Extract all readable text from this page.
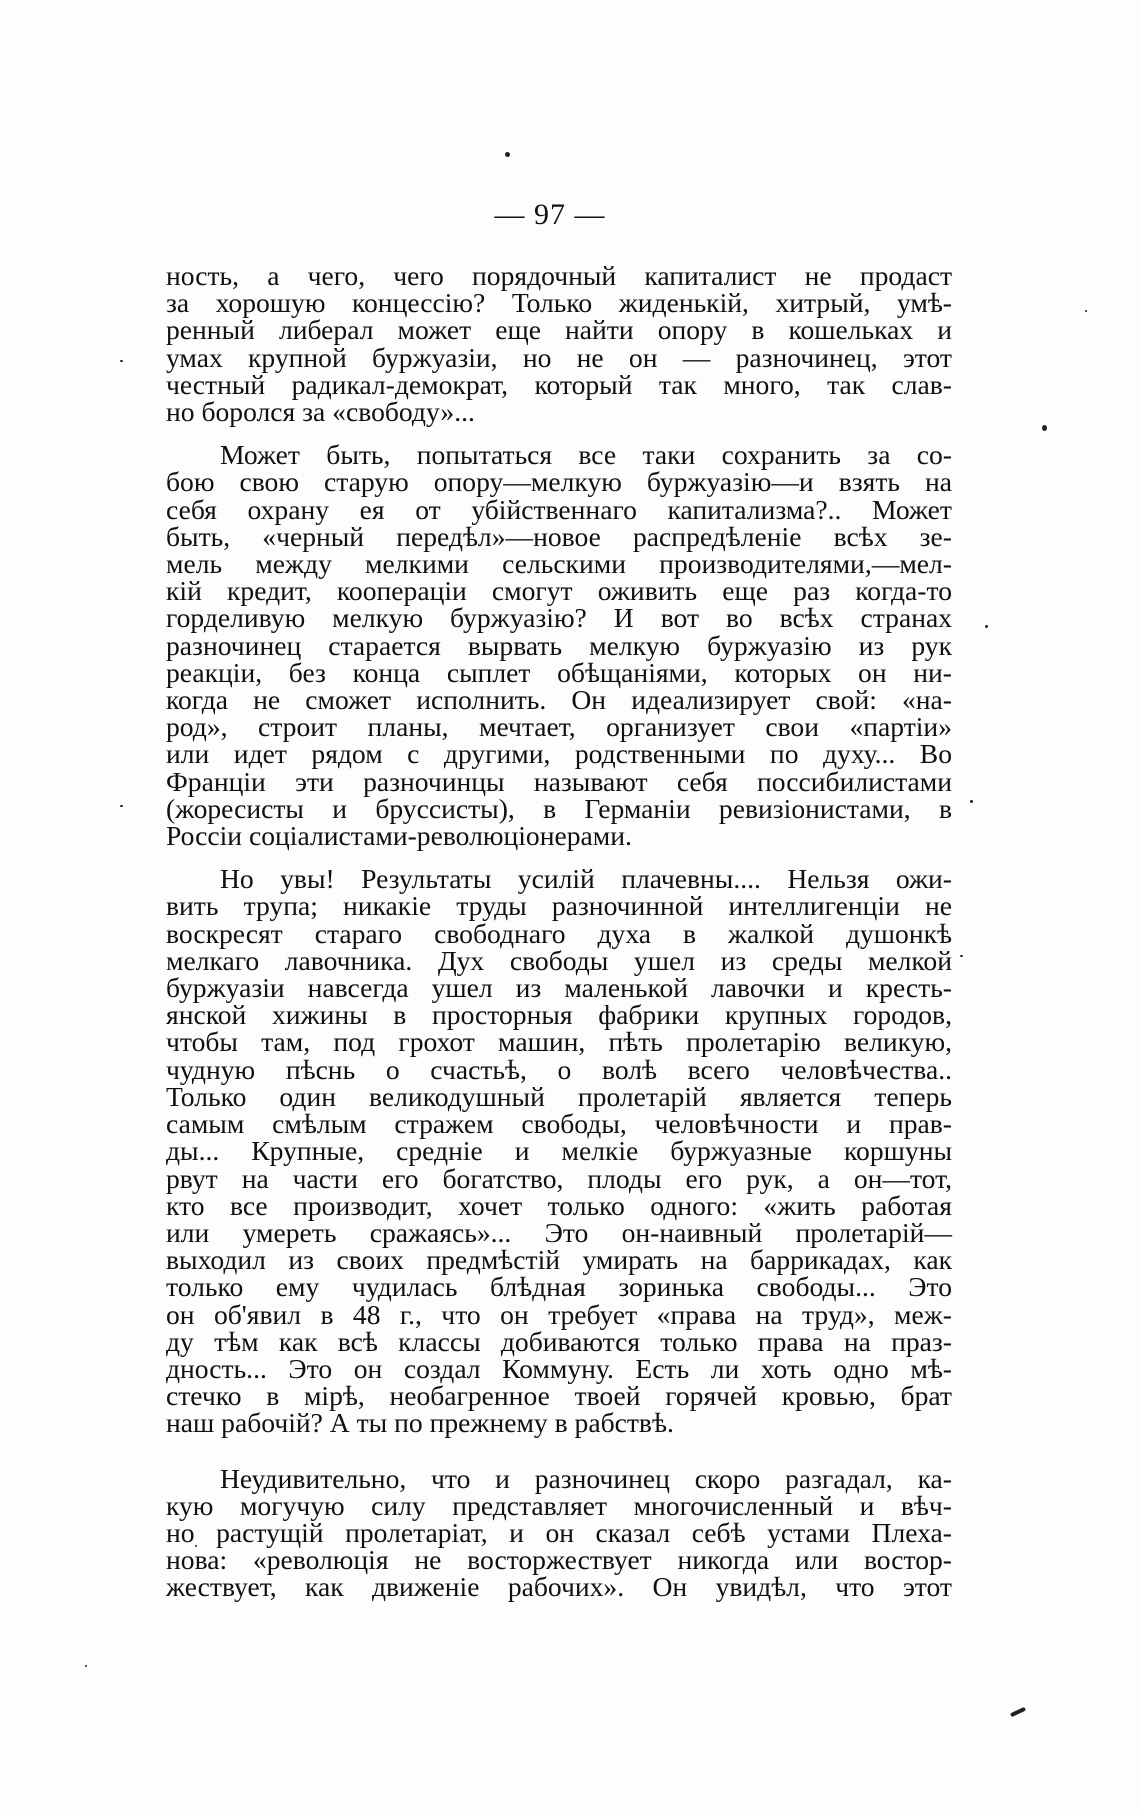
— 97 —
ность, а чего, чего порядочный капиталист не продаст
за хорошую концессію? Только жиденькій, хитрый, умѣ-
ренный либерал может еще найти опору в кошельках и
умах крупной буржуазіи, но не он — разночинец, этот
честный радикал-демократ, который так много, так слав-
но боролся за «свободу»...
Может быть, попытаться все таки сохранить за со-
бою свою старую опору—мелкую буржуазію—и взять на
себя охрану ея от убійственнаго капитализма?.. Может
быть, «черный передѣл»—новое распредѣленіе всѣх зе-
мель между мелкими сельскими производителями,—мел-
кій кредит, коопераціи смогут оживить еще раз когда-то
горделивую мелкую буржуазію? И вот во всѣх странах
разночинец старается вырвать мелкую буржуазію из рук
реакціи, без конца сыплет обѣщаніями, которых он ни-
когда не сможет исполнить. Он идеализирует свой: «на-
род», строит планы, мечтает, организует свои «партіи»
или идет рядом с другими, родственными по духу... Во
Франціи эти разночинцы называют себя поссибилистами
(жоресисты и бруссисты), в Германіи ревизіонистами, в
Россіи соціалистами-революціонерами.
Но увы! Результаты усилій плачевны.... Нельзя ожи-
вить трупа; никакіе труды разночинной интеллигенціи не
воскресят стараго свободнаго духа в жалкой душонкѣ
мелкаго лавочника. Дух свободы ушел из среды мелкой
буржуазіи навсегда ушел из маленькой лавочки и кресть-
янской хижины в просторныя фабрики крупных городов,
чтобы там, под грохот машин, пѣть пролетарію великую,
чудную пѣснь о счастьѣ, о волѣ всего человѣчества..
Только один великодушный пролетарій является теперь
самым смѣлым стражем свободы, человѣчности и прав-
ды... Крупные, средніе и мелкіе буржуазные коршуны
рвут на части его богатство, плоды его рук, а он—тот,
кто все производит, хочет только одного: «жить работая
или умереть сражаясь»... Это он-наивный пролетарій—
выходил из своих предмѣстій умирать на баррикадах, как
только ему чудилась блѣдная зоринька свободы... Это
он об'явил в 48 г., что он требует «права на труд», меж-
ду тѣм как всѣ классы добиваются только права на праз-
дность... Это он создал Коммуну. Есть ли хоть одно мѣ-
стечко в мірѣ, необагренное твоей горячей кровью, брат
наш рабочій? А ты по прежнему в рабствѣ.
Неудивительно, что и разночинец скоро разгадал, ка-
кую могучую силу представляет многочисленный и вѣч-
но растущій пролетаріат, и он сказал себѣ устами Плеха-
нова: «революція не восторжествует никогда или востор-
жествует, как движеніе рабочих». Он увидѣл, что этот
